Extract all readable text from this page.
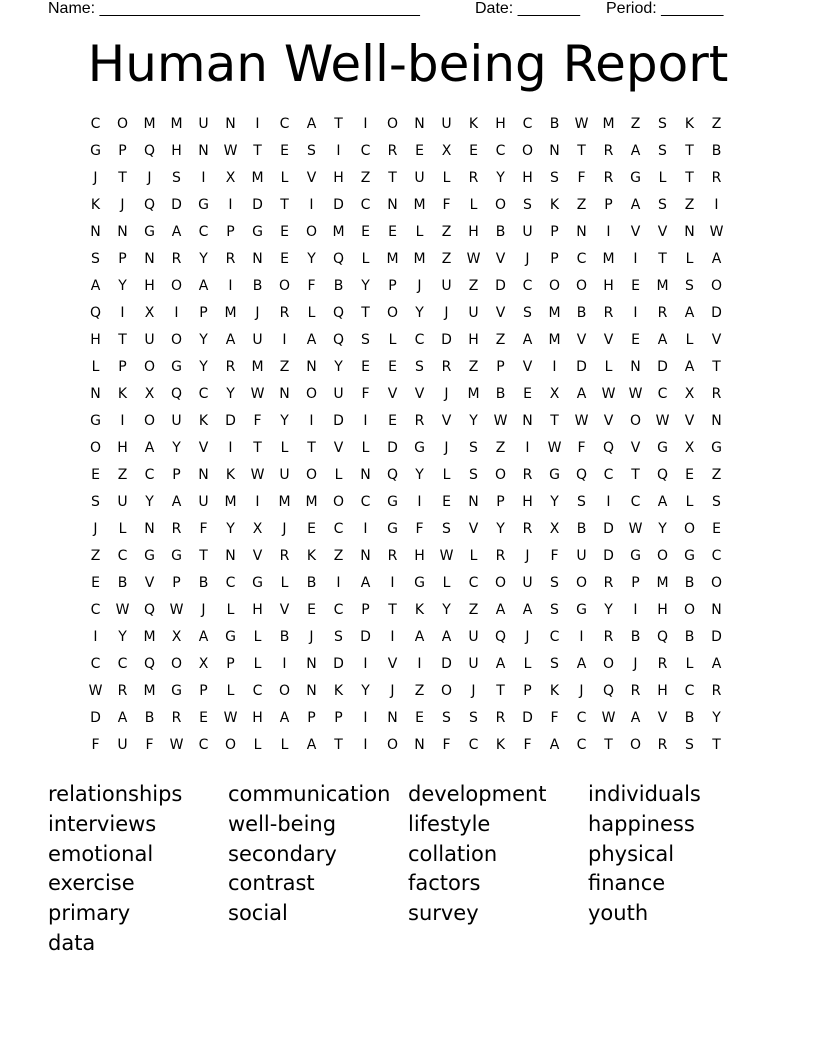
Name: ____________________________________	Date: _______ Period: _______
Human Well-being Report
C	O	M	M	U	N	I	C	A	T	I	O	N	U	K	H	C	B	W	M	Z	S	K	Z
G	P	Q	H	N	W	T	E	S	I	C	R	E	X	E	C	O	N	T	R	A	S	T	B
J	T	J	S	I	X	M	L	V	H	Z	T	U	L	R	Y	H	S	F	R	G	L	T	R
K	J	Q	D	G	I	D	T	I	D	C	N	M	F	L	O	S	K	Z	P	A	S	Z	I
N	N	G	A	C	P	G	E	O	M	E	E	L	Z	H	B	U	P	N	I	V	V	N	W
S	P	N	R	Y	R	N	E	Y	Q	L	M	M	Z	W	V	J	P	C	M	I	T	L	A
A	Y	H	O	A	I	B	O	F	B	Y	P	J	U	Z	D	C	O	O	H	E	M	S	O
Q	I	X	I	P	M	J	R	L	Q	T	O	Y	J	U	V	S	M	B	R	I	R	A	D
H	T	U	O	Y	A	U	I	A	Q	S	L	C	D	H	Z	A	M	V	V	E	A	L	V
L	P	O	G	Y	R	M	Z	N	Y	E	E	S	R	Z	P	V	I	D	L	N	D	A	T
N	K	X	Q	C	Y	W	N	O	U	F	V	V	J	M	B	E	X	A	W W	C	X	R
G	I	O	U	K	D	F	Y	I	D	I	E	R	V	Y	W	N	T	W	V	O	W	V	N
O	H	A	Y	V	I	T	L	T	V	L	D	G	J	S	Z	I	W	F	Q	V	G	X	G
E	Z	C	P	N	K	W	U	O	L	N	Q	Y	L	S	O	R	G	Q	C	T	Q	E	Z
S	U	Y	A	U	M	I	M	M	O	C	G	I	E	N	P	H	Y	S	I	C	A	L	S
J	L	N	R	F	Y	X	J	E	C	I	G	F	S	V	Y	R	X	B	D	W	Y	O	E
Z	C	G	G	T	N	V	R	K	Z	N	R	H	W	L	R	J	F	U	D	G	O	G	C
E	B	V	P	B	C	G	L	B	I	A	I	G	L	C	O	U	S	O	R	P	M	B	O
C	W	Q	W	J	L	H	V	E	C	P	T	K	Y	Z	A	A	S	G	Y	I	H	O	N
I	Y	M	X	A	G	L	B	J	S	D	I	A	A	U	Q	J	C	I	R	B	Q	B	D
C	C	Q	O	X	P	L	I	N	D	I	V	I	D	U	A	L	S	A	O	J	R	L	A
W	R	M	G	P	L	C	O	N	K	Y	J	Z	O	J	T	P	K	J	Q	R	H	C	R
D	A	B	R	E	W	H	A	P	P	I	N	E	S	S	R	D	F	C	W	A	V	B	Y
F	U	F	W	C	O	L	L	A	T	I	O	N	F	C	K	F	A	C	T	O	R	S	T
relationships	communication development	individuals
interviews	well-being	lifestyle	happiness
emotional	secondary	collation	physical
exercise	contrast	factors	finance
primary	social	survey	youth
data
